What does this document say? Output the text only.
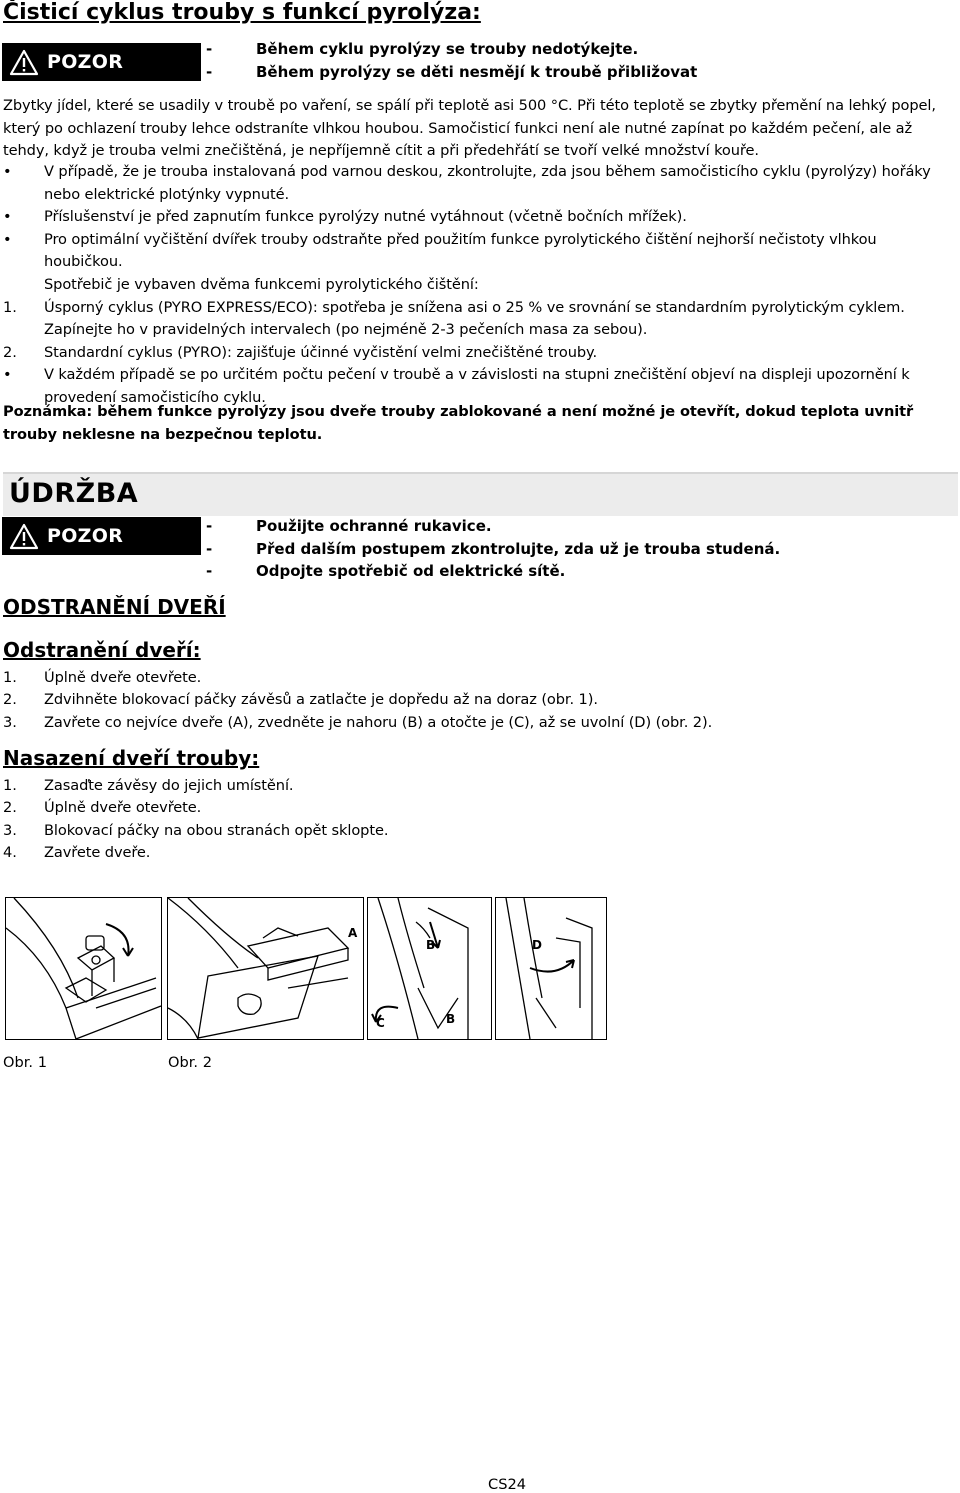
Čisticí cyklus trouby s funkcí pyrolýza:
POZOR
-	Během cyklu pyrolýzy se trouby nedotýkejte.
-	Během pyrolýzy se děti nesmějí k troubě přibližovat
Zbytky jídel, které se usadily v troubě po vaření, se spálí při teplotě asi 500 °C. Při této teplotě se zbytky přemění na lehký popel, který po ochlazení trouby lehce odstraníte vlhkou houbou. Samočisticí funkci není ale nutné zapínat po každém pečení, ale až tehdy, když je trouba velmi znečištěná, je nepříjemně cítit a při předehřátí se tvoří velké množství kouře.
•	V případě, že je trouba instalovaná pod varnou deskou, zkontrolujte, zda jsou během samočisticího cyklu (pyrolýzy) hořáky nebo elektrické plotýnky vypnuté.
•	Příslušenství je před zapnutím funkce pyrolýzy nutné vytáhnout (včetně bočních mřížek).
•	Pro optimální vyčištění dvířek trouby odstraňte před použitím funkce pyrolytického čištění nejhorší nečistoty vlhkou houbičkou.
Spotřebič je vybaven dvěma funkcemi pyrolytického čištění:
1.	Úsporný cyklus (PYRO EXPRESS/ECO): spotřeba je snížena asi o 25 % ve srovnání se standardním pyrolytickým cyklem. Zapínejte ho v pravidelných intervalech (po nejméně 2-3 pečeních masa za sebou).
2.	Standardní cyklus (PYRO): zajišťuje účinné vyčistění velmi znečištěné trouby.
•	V každém případě se po určitém počtu pečení v troubě a v závislosti na stupni znečištění objeví na displeji upozornění k provedení samočisticího cyklu.
Poznámka: během funkce pyrolýzy jsou dveře trouby zablokované a není možné je otevřít, dokud teplota uvnitř trouby neklesne na bezpečnou teplotu.
ÚDRŽBA
POZOR	-	Použijte ochranné rukavice.
-	Před dalším postupem zkontrolujte, zda už je trouba studená.
-	Odpojte spotřebič od elektrické sítě.
ODSTRANĚNÍ DVEŘÍ
Odstranění dveří:
1.	Úplně dveře otevřete.
2.	Zdvihněte blokovací páčky závěsů a zatlačte je dopředu až na doraz (obr. 1).
3.	Zavřete co nejvíce dveře (A), zvedněte je nahoru (B) a otočte je (C), až se uvolní (D) (obr. 2).
Nasazení dveří trouby:
1.	Zasaďte závěsy do jejich umístění.
2.	Úplně dveře otevřete.
3.	Blokovací páčky na obou stranách opět sklopte.
4.	Zavřete dveře.
A
B
C	B
D
Obr. 1	Obr. 2
CS24
